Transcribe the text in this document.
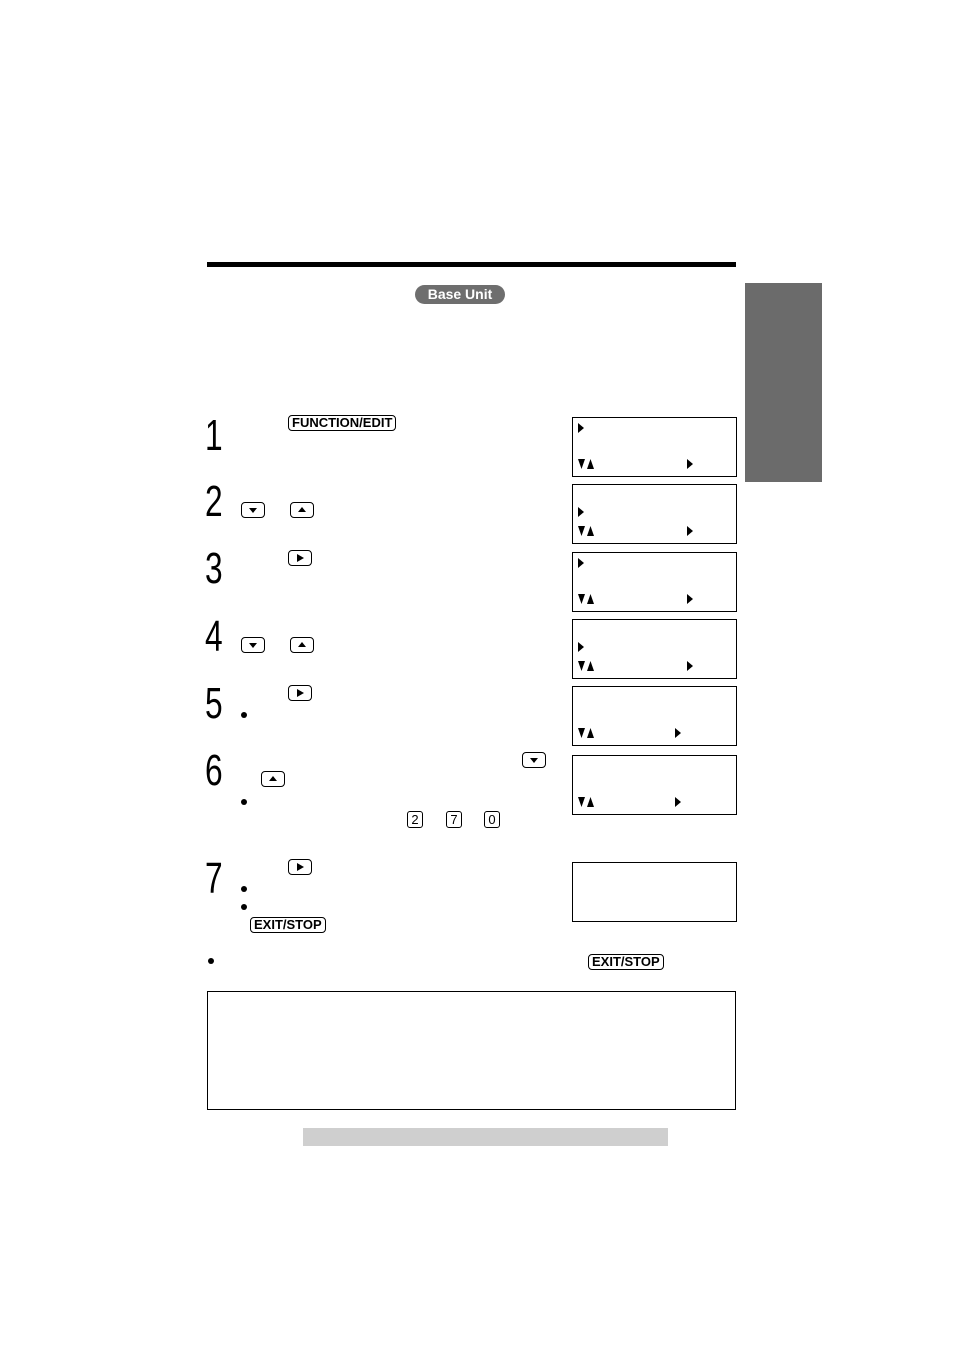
Base Unit
1
2
3
4
5
6
7
FUNCTION/EDIT
2	7	0
EXIT/STOP
EXIT/STOP
